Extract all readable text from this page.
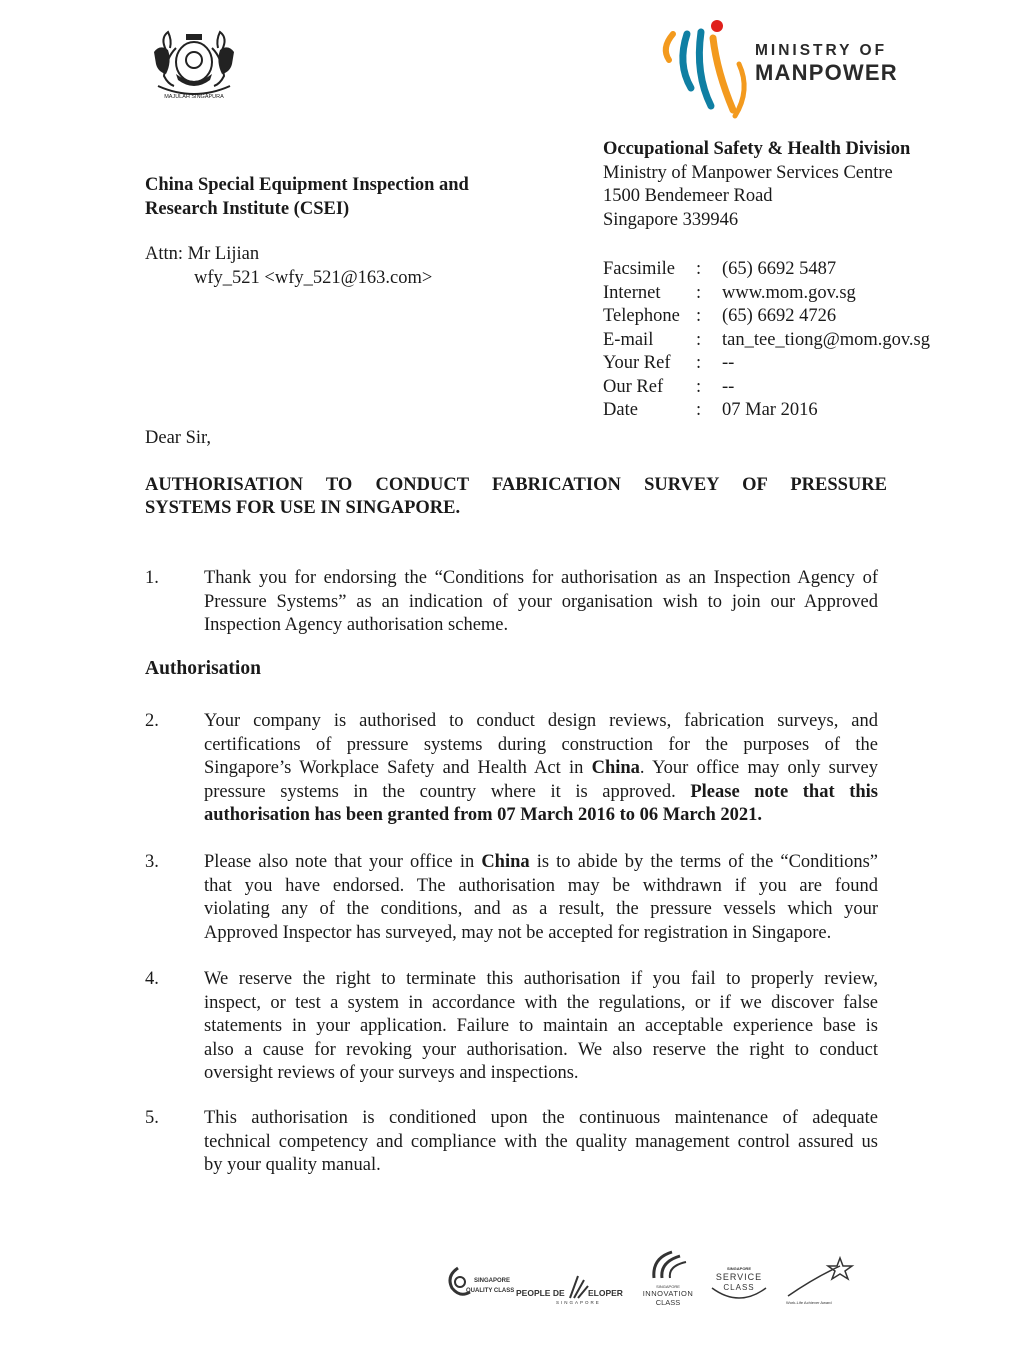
MAJULAH SINGAPURA
MINISTRY OF
MANPOWER
Occupational Safety & Health Division
Ministry of Manpower Services Centre
1500 Bendemeer Road
Singapore 339946
Facsimile	:	(65) 6692 5487
Internet	:	www.mom.gov.sg
Telephone :	(65) 6692 4726
E-mail	:	tan_tee_tiong@mom.gov.sg
Your Ref	:	--
Our Ref	:	--
Date	:	07 Mar 2016
China Special Equipment Inspection and
Research Institute (CSEI)
Attn: Mr Lijian
wfy_521 <wfy_521@163.com>
Dear Sir,
AUTHORISATION TO CONDUCT FABRICATION SURVEY OF PRESSURE
SYSTEMS FOR USE IN SINGAPORE.
1. Thank you for endorsing the “Conditions for authorisation as an Inspection Agency of
Pressure Systems” as an indication of your organisation wish to join our Approved
Inspection Agency authorisation scheme.
Authorisation
2. Your company is authorised to conduct design reviews, fabrication surveys, and
certifications of pressure systems during construction for the purposes of the
Singapore’s Workplace Safety and Health Act in China. Your office may only survey
pressure systems in the country where it is approved. Please note that this
authorisation has been granted from 07 March 2016 to 06 March 2021.
3. Please also note that your office in China is to abide by the terms of the “Conditions”
that you have endorsed. The authorisation may be withdrawn if you are found
violating any of the conditions, and as a result, the pressure vessels which your
Approved Inspector has surveyed, may not be accepted for registration in Singapore.
4. We reserve the right to terminate this authorisation if you fail to properly review,
inspect, or test a system in accordance with the regulations, or if we discover false
statements in your application. Failure to maintain an acceptable experience base is
also a cause for revoking your authorisation. We also reserve the right to conduct
oversight reviews of your surveys and inspections.
5. This authorisation is conditioned upon the continuous maintenance of adequate
technical competency and compliance with the quality management control assured us
by your quality manual.
SINGAPORE
QUALITY CLASS PEOPLE DE	ELOPER
SINGAPORE
SINGAPORE
INNOVATION
CLASS
SINGAPORE
SERVICE
CLASS
Work-Life Achiever Award
